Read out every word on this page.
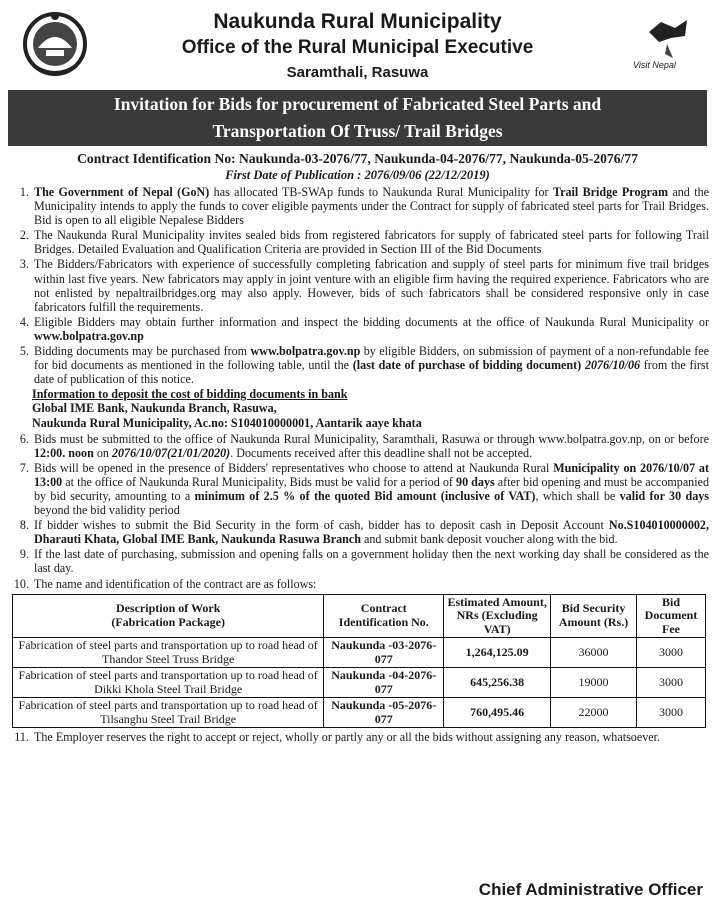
Naukunda Rural Municipality
Office of the Rural Municipal Executive
Saramthali, Rasuwa	Visit Nepal
Invitation for Bids for procurement of Fabricated Steel Parts and
Transportation Of Truss/ Trail Bridges
Contract Identification No: Naukunda-03-2076/77, Naukunda-04-2076/77, Naukunda-05-2076/77
First Date of Publication : 2076/09/06 (22/12/2019)
1. The Government of Nepal (GoN) has allocated TB-SWAp funds to Naukunda Rural Municipality for Trail Bridge Program and the Municipality intends to apply the funds to cover eligible payments under the Contract for supply of fabricated steel parts for Trail Bridges. Bid is open to all eligible Nepalese Bidders
2. The Naukunda Rural Municipality invites sealed bids from registered fabricators for supply of fabricated steel parts for following Trail Bridges. Detailed Evaluation and Qualification Criteria are provided in Section III of the Bid Documents
3. The Bidders/Fabricators with experience of successfully completing fabrication and supply of steel parts for minimum five trail bridges within last five years. New fabricators may apply in joint venture with an eligible firm having the required experience. Fabricators who are not enlisted by nepaltrailbridges.org may also apply. However, bids of such fabricators shall be considered responsive only in case fabricators fulfill the requirements.
4. Eligible Bidders may obtain further information and inspect the bidding documents at the office of Naukunda Rural Municipality or www.bolpatra.gov.np
5. Bidding documents may be purchased from www.bolpatra.gov.np by eligible Bidders, on submission of payment of a non-refundable fee for bid documents as mentioned in the following table, until the (last date of purchase of bidding document) 2076/10/06 from the first date of publication of this notice.
Information to deposit the cost of bidding documents in bank
Global IME Bank, Naukunda Branch, Rasuwa,
Naukunda Rural Municipality, Ac.no: S104010000001, Aantarik aaye khata
6. Bids must be submitted to the office of Naukunda Rural Municipality, Saramthali, Rasuwa or through www.bolpatra.gov.np, on or before 12:00. noon on 2076/10/07(21/01/2020). Documents received after this deadline shall not be accepted.
7. Bids will be opened in the presence of Bidders' representatives who choose to attend at Naukunda Rural Municipality on 2076/10/07 at 13:00 at the office of Naukunda Rural Municipality, Bids must be valid for a period of 90 days after bid opening and must be accompanied by bid security, amounting to a minimum of 2.5 % of the quoted Bid amount (inclusive of VAT), which shall be valid for 30 days beyond the bid validity period
8. If bidder wishes to submit the Bid Security in the form of cash, bidder has to deposit cash in Deposit Account No.S104010000002, Dharauti Khata, Global IME Bank, Naukunda Rasuwa Branch and submit bank deposit voucher along with the bid.
9. If the last date of purchasing, submission and opening falls on a government holiday then the next working day shall be considered as the last day.
10. The name and identification of the contract are as follows:
Description of Work
(Fabrication Package)	Contract Identification No.	Estimated Amount, NRs (Excluding VAT)	Bid Security Amount (Rs.)	Bid Document Fee
Fabrication of steel parts and transportation up to road head of Thandor Steel Truss Bridge	Naukunda -03-2076-077	1,264,125.09	36000	3000
Fabrication of steel parts and transportation up to road head of Dikki Khola Steel Trail Bridge	Naukunda -04-2076-077	645,256.38	19000	3000
Fabrication of steel parts and transportation up to road head of Tilsanghu Steel Trail Bridge	Naukunda -05-2076-077	760,495.46	22000	3000
11. The Employer reserves the right to accept or reject, wholly or partly any or all the bids without assigning any reason, whatsoever.
Chief Administrative Officer
